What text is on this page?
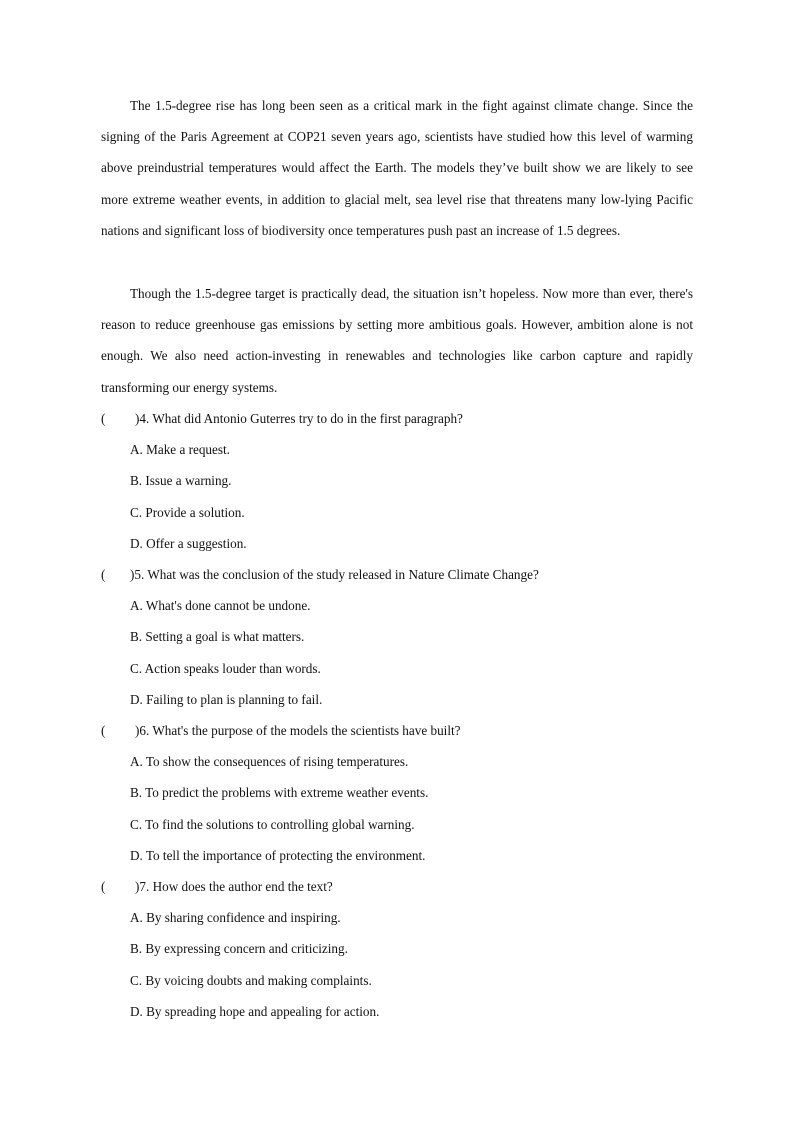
The 1.5-degree rise has long been seen as a critical mark in the fight against climate change. Since the signing of the Paris Agreement at COP21 seven years ago, scientists have studied how this level of warming above preindustrial temperatures would affect the Earth. The models they’ve built show we are likely to see more extreme weather events, in addition to glacial melt, sea level rise that threatens many low-lying Pacific nations and significant loss of biodiversity once temperatures push past an increase of 1.5 degrees.

Though the 1.5-degree target is practically dead, the situation isn’t hopeless. Now more than ever, there's reason to reduce greenhouse gas emissions by setting more ambitious goals. However, ambition alone is not enough. We also need action-investing in renewables and technologies like carbon capture and rapidly transforming our energy systems.

( )4. What did Antonio Guterres try to do in the first paragraph?
A. Make a request.
B. Issue a warning.
C. Provide a solution.
D. Offer a suggestion.
( )5. What was the conclusion of the study released in Nature Climate Change?
A. What's done cannot be undone.
B. Setting a goal is what matters.
C. Action speaks louder than words.
D. Failing to plan is planning to fail.
( )6. What's the purpose of the models the scientists have built?
A. To show the consequences of rising temperatures.
B. To predict the problems with extreme weather events.
C. To find the solutions to controlling global warning.
D. To tell the importance of protecting the environment.
( )7. How does the author end the text?
A. By sharing confidence and inspiring.
B. By expressing concern and criticizing.
C. By voicing doubts and making complaints.
D. By spreading hope and appealing for action.
